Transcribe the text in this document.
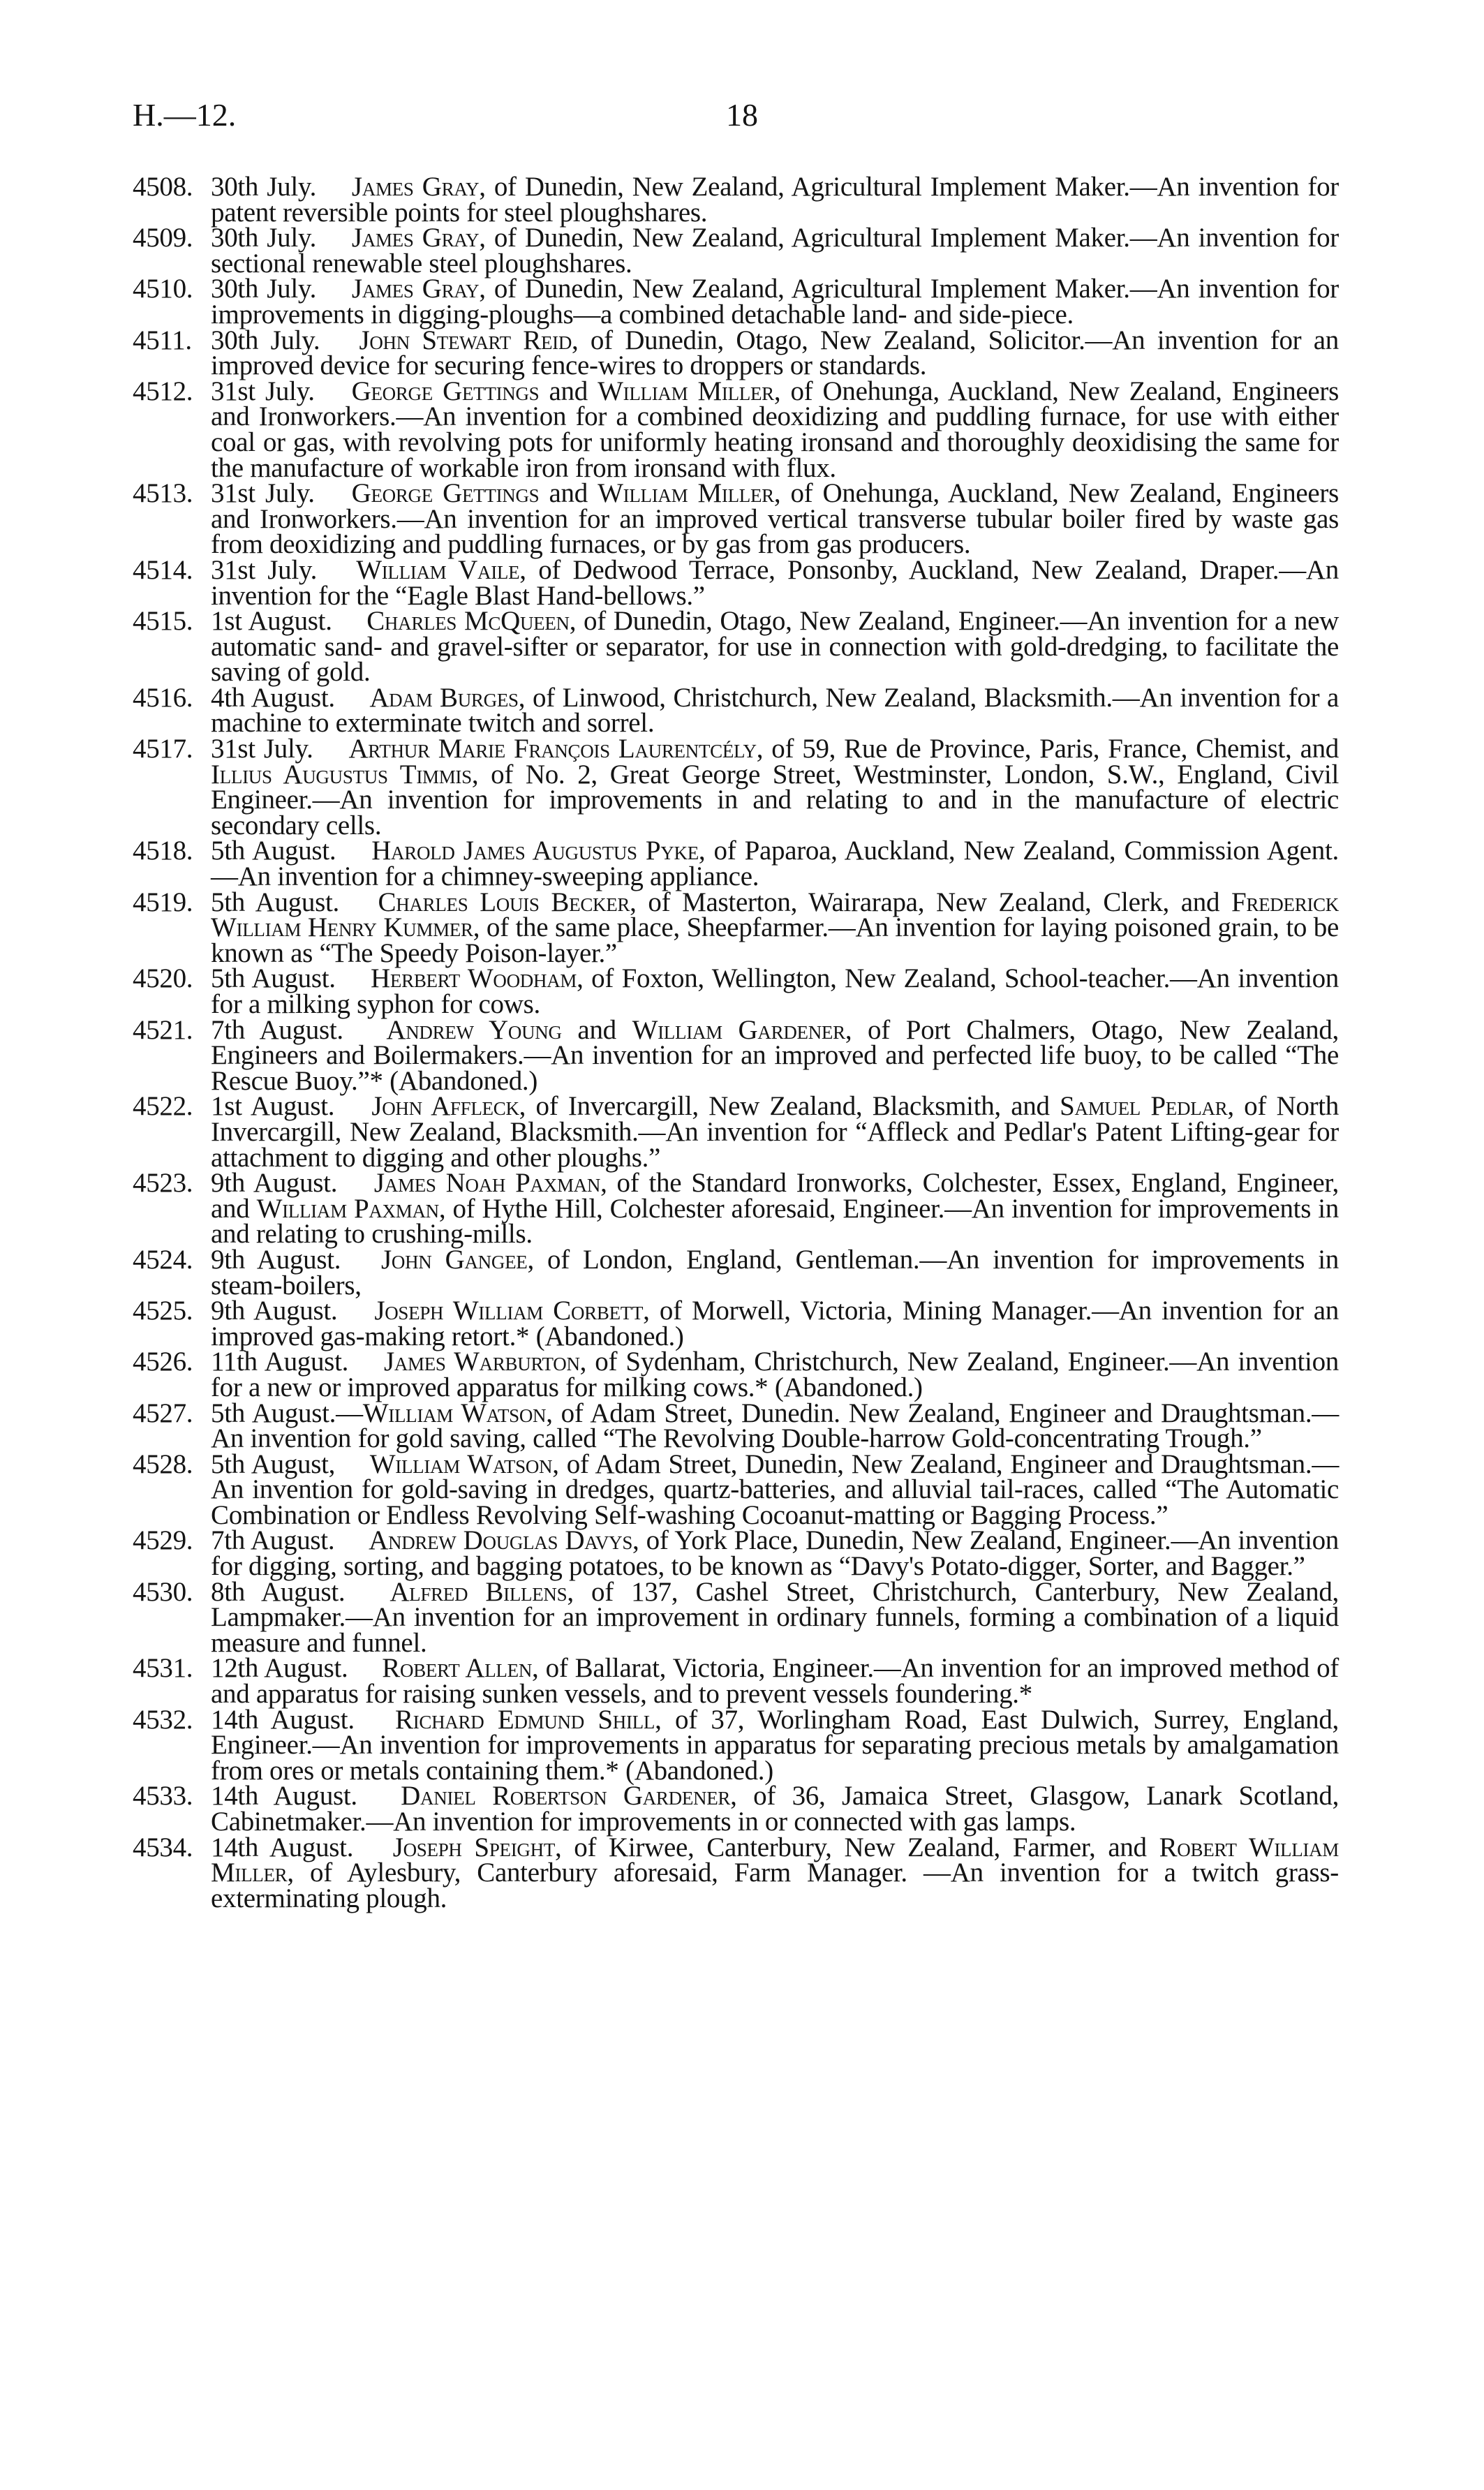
H.—12.	18
4508. 30th July.  James Gray, of Dunedin, New Zealand, Agricultural Implement Maker.—An invention for patent reversible points for steel ploughshares.
4509. 30th July.  James Gray, of Dunedin, New Zealand, Agricultural Implement Maker.—An invention for sectional renewable steel ploughshares.
4510. 30th July.  James Gray, of Dunedin, New Zealand, Agricultural Implement Maker.—An invention for improvements in digging-ploughs—a combined detachable land- and side-piece.
4511. 30th July.  John Stewart Reid, of Dunedin, Otago, New Zealand, Solicitor.—An invention for an improved device for securing fence-wires to droppers or standards.
4512. 31st July.  George Gettings and William Miller, of Onehunga, Auckland, New Zealand, Engineers and Ironworkers.—An invention for a combined deoxidizing and puddling furnace, for use with either coal or gas, with revolving pots for uniformly heating ironsand and thoroughly deoxidising the same for the manufacture of workable iron from ironsand with flux.
4513. 31st July.  George Gettings and William Miller, of Onehunga, Auckland, New Zealand, Engineers and Ironworkers.—An invention for an improved vertical transverse tubular boiler fired by waste gas from deoxidizing and puddling furnaces, or by gas from gas producers.
4514. 31st July.  William Vaile, of Dedwood Terrace, Ponsonby, Auckland, New Zealand, Draper.—An invention for the “Eagle Blast Hand-bellows.”
4515. 1st August.  Charles McQueen, of Dunedin, Otago, New Zealand, Engineer.—An invention for a new automatic sand- and gravel-sifter or separator, for use in connection with gold-dredging, to facilitate the saving of gold.
4516. 4th August.  Adam Burges, of Linwood, Christchurch, New Zealand, Blacksmith.—An invention for a machine to exterminate twitch and sorrel.
4517. 31st July.  Arthur Marie François Laurentcély, of 59, Rue de Province, Paris, France, Chemist, and Illius Augustus Timmis, of No. 2, Great George Street, Westminster, London, S.W., England, Civil Engineer.—An invention for improvements in and relating to and in the manufacture of electric secondary cells.
4518. 5th August.  Harold James Augustus Pyke, of Paparoa, Auckland, New Zealand, Commission Agent.—An invention for a chimney-sweeping appliance.
4519. 5th August.  Charles Louis Becker, of Masterton, Wairarapa, New Zealand, Clerk, and Frederick William Henry Kummer, of the same place, Sheepfarmer.—An invention for laying poisoned grain, to be known as “The Speedy Poison-layer.”
4520. 5th August.  Herbert Woodham, of Foxton, Wellington, New Zealand, School-teacher.—An invention for a milking syphon for cows.
4521. 7th August.  Andrew Young and William Gardener, of Port Chalmers, Otago, New Zealand, Engineers and Boilermakers.—An invention for an improved and perfected life buoy, to be called “The Rescue Buoy.”* (Abandoned.)
4522. 1st August.  John Affleck, of Invercargill, New Zealand, Blacksmith, and Samuel Pedlar, of North Invercargill, New Zealand, Blacksmith.—An invention for “Affleck and Pedlar's Patent Lifting-gear for attachment to digging and other ploughs.”
4523. 9th August.  James Noah Paxman, of the Standard Ironworks, Colchester, Essex, England, Engineer, and William Paxman, of Hythe Hill, Colchester aforesaid, Engineer.—An invention for improvements in and relating to crushing-mills.
4524. 9th August.  John Gangee, of London, England, Gentleman.—An invention for improvements in steam-boilers,
4525. 9th August.  Joseph William Corbett, of Morwell, Victoria, Mining Manager.—An invention for an improved gas-making retort.* (Abandoned.)
4526. 11th August.  James Warburton, of Sydenham, Christchurch, New Zealand, Engineer.—An invention for a new or improved apparatus for milking cows.* (Abandoned.)
4527. 5th August.—William Watson, of Adam Street, Dunedin. New Zealand, Engineer and Draughtsman.—An invention for gold saving, called “The Revolving Double-harrow Gold-concentrating Trough.”
4528. 5th August,  William Watson, of Adam Street, Dunedin, New Zealand, Engineer and Draughtsman.—An invention for gold-saving in dredges, quartz-batteries, and alluvial tail-races, called “The Automatic Combination or Endless Revolving Self-washing Cocoanut-matting or Bagging Process.”
4529. 7th August.  Andrew Douglas Davys, of York Place, Dunedin, New Zealand, Engineer.—An invention for digging, sorting, and bagging potatoes, to be known as “Davy's Potato-digger, Sorter, and Bagger.”
4530. 8th August.  Alfred Billens, of 137, Cashel Street, Christchurch, Canterbury, New Zealand, Lampmaker.—An invention for an improvement in ordinary funnels, forming a combination of a liquid measure and funnel.
4531. 12th August.  Robert Allen, of Ballarat, Victoria, Engineer.—An invention for an improved method of and apparatus for raising sunken vessels, and to prevent vessels foundering.*
4532. 14th August.  Richard Edmund Shill, of 37, Worlingham Road, East Dulwich, Surrey, England, Engineer.—An invention for improvements in apparatus for separating precious metals by amalgamation from ores or metals containing them.* (Abandoned.)
4533. 14th August.  Daniel Robertson Gardener, of 36, Jamaica Street, Glasgow, Lanark Scotland, Cabinetmaker.—An invention for improvements in or connected with gas lamps.
4534. 14th August.  Joseph Speight, of Kirwee, Canterbury, New Zealand, Farmer, and Robert William Miller, of Aylesbury, Canterbury aforesaid, Farm Manager. —An invention for a twitch grass-exterminating plough.
